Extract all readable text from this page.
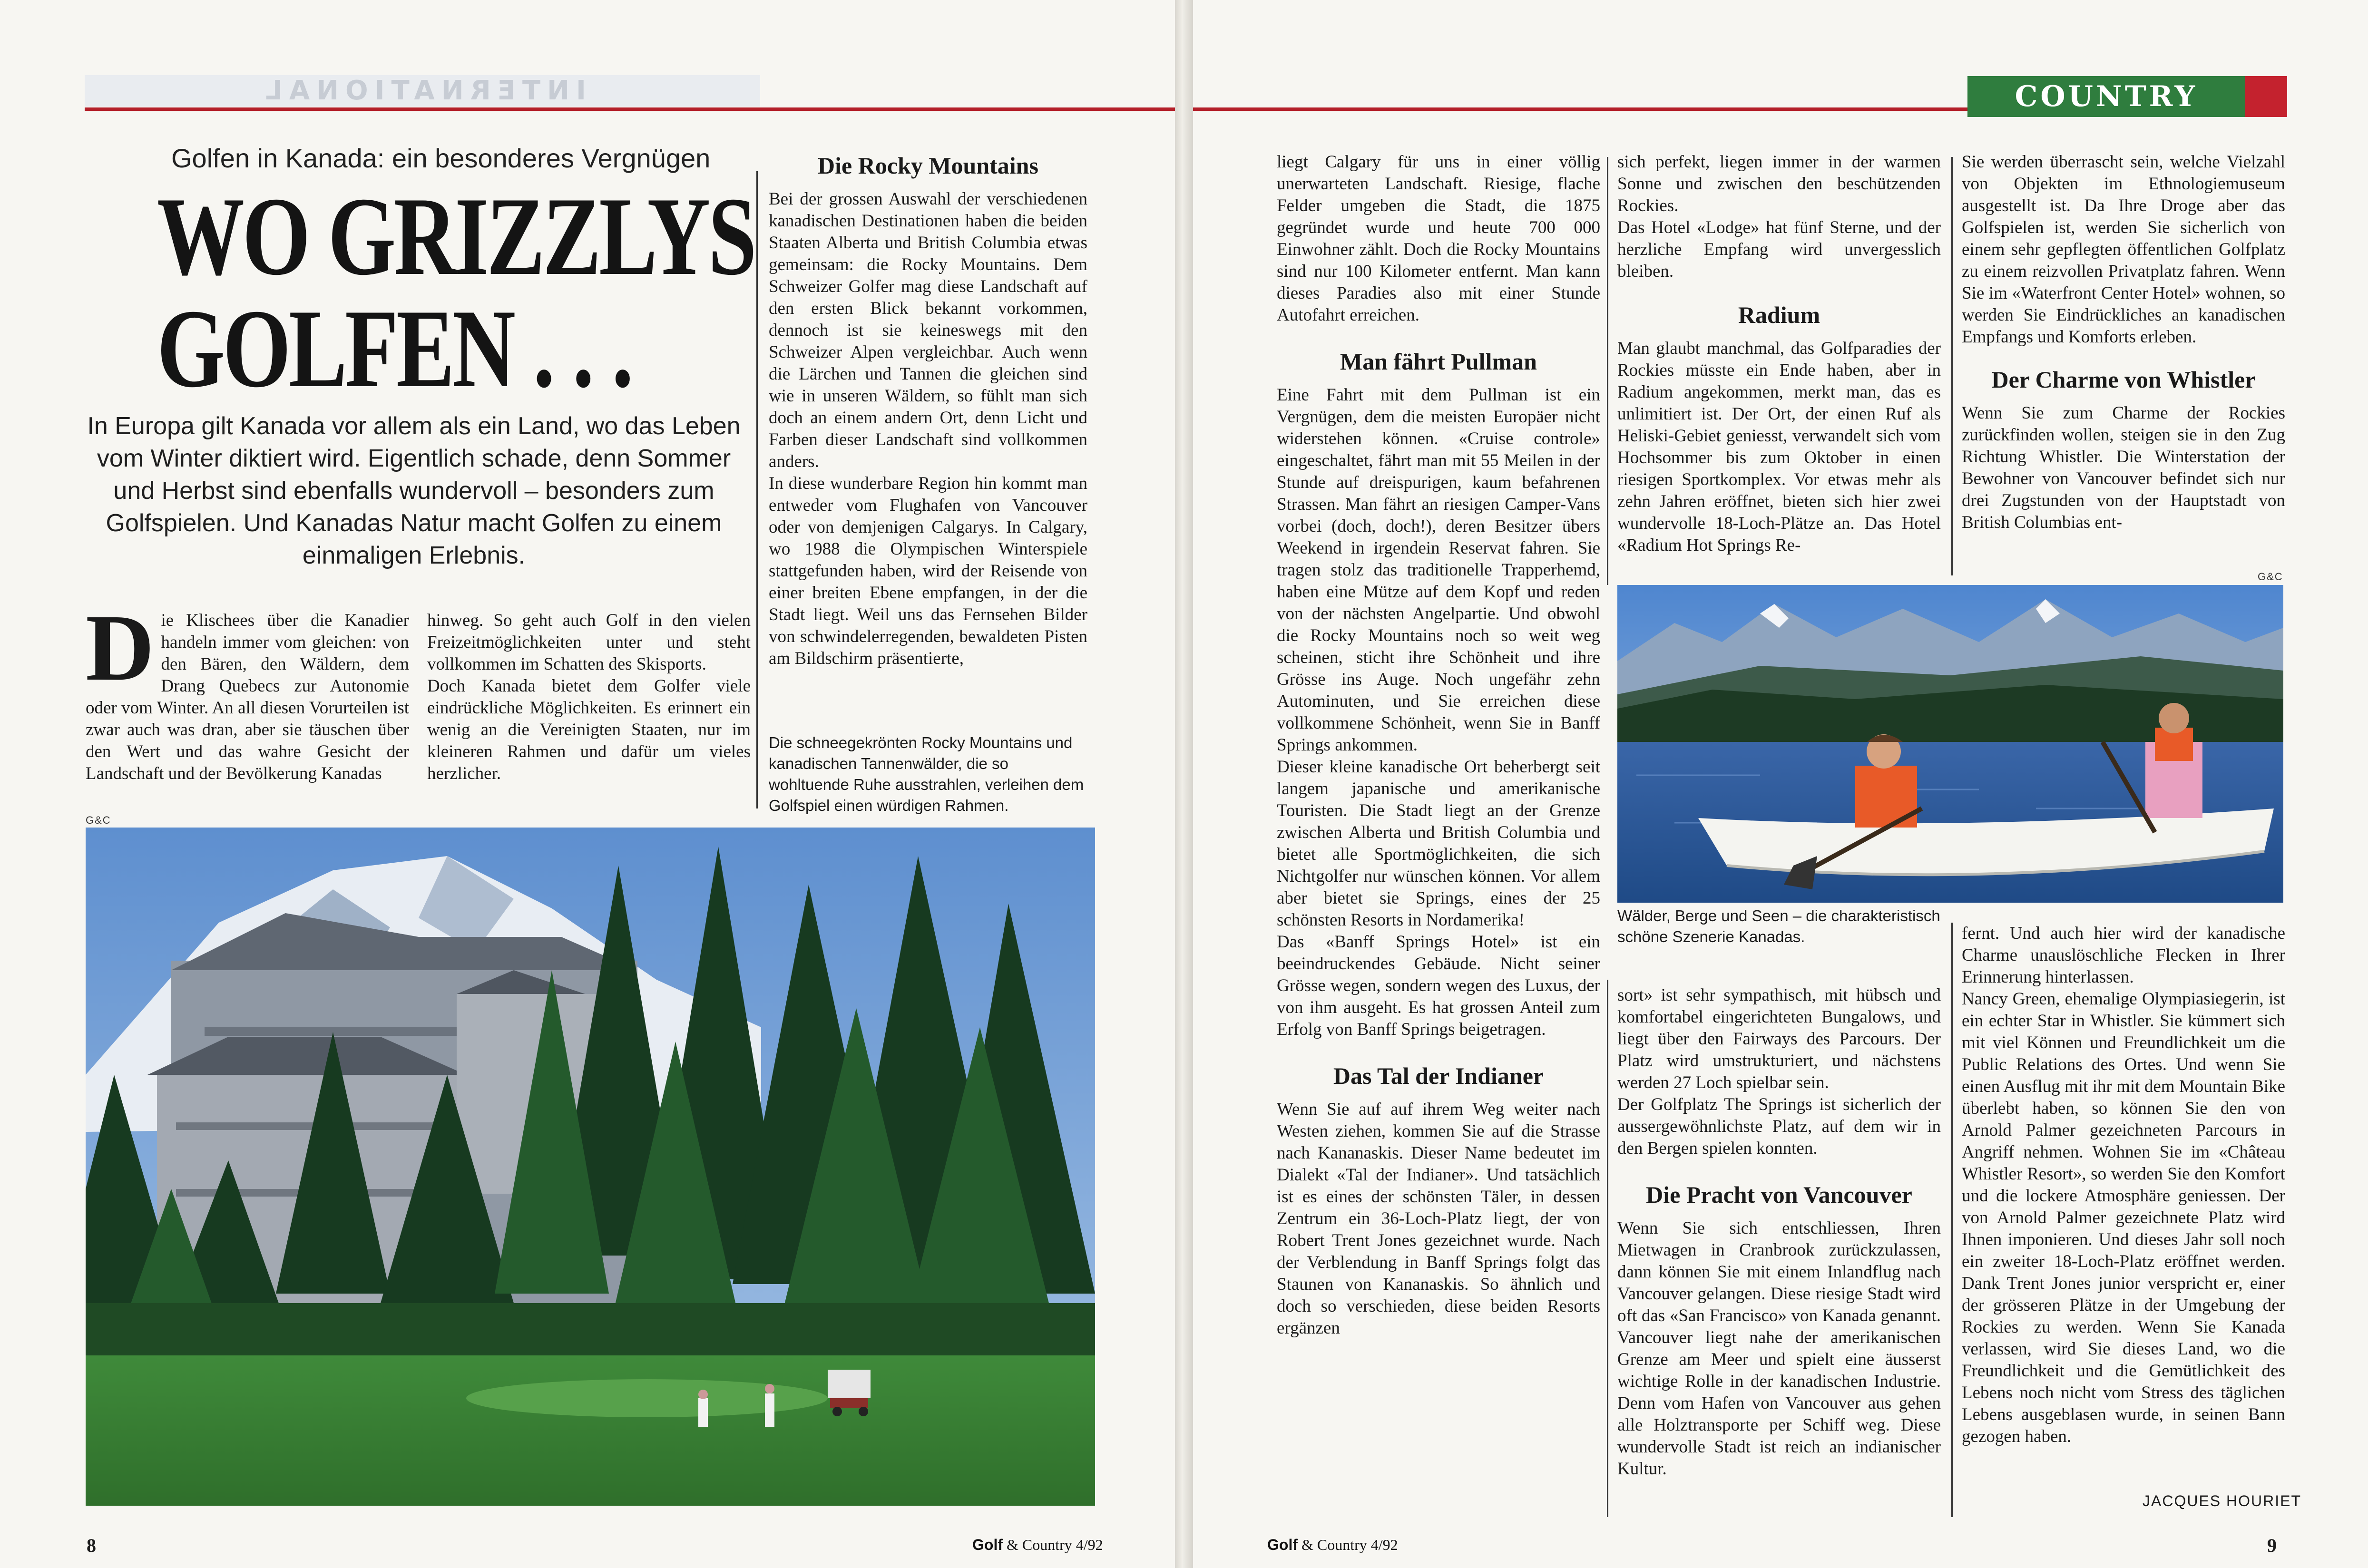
INTERNATIONAL
Golfen in Kanada: ein besonderes Vergnügen
WO GRIZZLYS
GOLFEN . . .
In Europa gilt Kanada vor allem als ein Land, wo das Leben vom Winter diktiert wird. Eigentlich schade, denn Sommer und Herbst sind ebenfalls wundervoll – besonders zum Golfspielen. Und Kanadas Natur macht Golfen zu einem einmaligen Erlebnis.
D ie Klischees über die Kanadier handeln immer vom gleichen: von den Bären, den Wäldern, dem Drang Quebecs zur Autonomie oder vom Winter. An all diesen Vorurteilen ist zwar auch was dran, aber sie täuschen über den Wert und das wahre Gesicht der Landschaft und der Bevölkerung Kanadas

hinweg. So geht auch Golf in den vielen Freizeitmöglichkeiten unter und steht vollkommen im Schatten des Skisports.

Doch Kanada bietet dem Golfer viele eindrückliche Möglichkeiten. Es erinnert ein wenig an die Vereinigten Staaten, nur im kleineren Rahmen und dafür um vieles herzlicher.

Die Rocky Mountains

Bei der grossen Auswahl der verschiedenen kanadischen Destinationen haben die beiden Staaten Alberta und British Columbia etwas gemeinsam: die Rocky Mountains. Dem Schweizer Golfer mag diese Landschaft auf den ersten Blick bekannt vorkommen, dennoch ist sie keineswegs mit den Schweizer Alpen vergleichbar. Auch wenn die Lärchen und Tannen die gleichen sind wie in unseren Wäldern, so fühlt man sich doch an einem andern Ort, denn Licht und Farben dieser Landschaft sind vollkommen anders.

In diese wunderbare Region hin kommt man entweder vom Flughafen von Vancouver oder von demjenigen Calgarys. In Calgary, wo 1988 die Olympischen Winterspiele stattgefunden haben, wird der Reisende von einer breiten Ebene empfangen, in der die Stadt liegt. Weil uns das Fernsehen Bilder von schwindelerregenden, bewaldeten Pisten am Bildschirm präsentierte,

Die schneegekrönten Rocky Mountains und kanadischen Tannenwälder, die so wohltuende Ruhe ausstrahlen, verleihen dem Golfspiel einen würdigen Rahmen.
G&C
8	Golf & Country 4/92
COUNTRY

liegt Calgary für uns in einer völlig unerwarteten Landschaft. Riesige, flache Felder umgeben die Stadt, die 1875 gegründet wurde und heute 700 000 Einwohner zählt. Doch die Rocky Mountains sind nur 100 Kilometer entfernt. Man kann dieses Paradies also mit einer Stunde Autofahrt erreichen.

Man fährt Pullman

Eine Fahrt mit dem Pullman ist ein Vergnügen, dem die meisten Europäer nicht widerstehen können. «Cruise controle» eingeschaltet, fährt man mit 55 Meilen in der Stunde auf dreispurigen, kaum befahrenen Strassen. Man fährt an riesigen Camper-Vans vorbei (doch, doch!), deren Besitzer übers Weekend in irgendein Reservat fahren. Sie tragen stolz das traditionelle Trapperhemd, haben eine Mütze auf dem Kopf und reden von der nächsten Angelpartie. Und obwohl die Rocky Mountains noch so weit weg scheinen, sticht ihre Schönheit und ihre Grösse ins Auge. Noch ungefähr zehn Autominuten, und Sie erreichen diese vollkommene Schönheit, wenn Sie in Banff Springs ankommen.

Dieser kleine kanadische Ort beherbergt seit langem japanische und amerikanische Touristen. Die Stadt liegt an der Grenze zwischen Alberta und British Columbia und bietet alle Sportmöglichkeiten, die sich Nichtgolfer nur wünschen können. Vor allem aber bietet sie Springs, eines der 25 schönsten Resorts in Nordamerika!

Das «Banff Springs Hotel» ist ein beeindruckendes Gebäude. Nicht seiner Grösse wegen, sondern wegen des Luxus, der von ihm ausgeht. Es hat grossen Anteil zum Erfolg von Banff Springs beigetragen.

Das Tal der Indianer

Wenn Sie auf auf ihrem Weg weiter nach Westen ziehen, kommen Sie auf die Strasse nach Kananaskis. Dieser Name bedeutet im Dialekt «Tal der Indianer». Und tatsächlich ist es eines der schönsten Täler, in dessen Zentrum ein 36-Loch-Platz liegt, der von Robert Trent Jones gezeichnet wurde. Nach der Verblendung in Banff Springs folgt das Staunen von Kananaskis. So ähnlich und doch so verschieden, diese beiden Resorts ergänzen

sich perfekt, liegen immer in der warmen Sonne und zwischen den beschützenden Rockies.

Das Hotel «Lodge» hat fünf Sterne, und der herzliche Empfang wird unvergesslich bleiben.

Radium

Man glaubt manchmal, das Golfparadies der Rockies müsste ein Ende haben, aber in Radium angekommen, merkt man, das es unlimitiert ist. Der Ort, der einen Ruf als Heliski-Gebiet geniesst, verwandelt sich vom Hochsommer bis zum Oktober in einen riesigen Sportkomplex. Vor etwas mehr als zehn Jahren eröffnet, bieten sich hier zwei wundervolle 18-Loch-Plätze an. Das Hotel «Radium Hot Springs Re-

Sie werden überrascht sein, welche Vielzahl von Objekten im Ethnologiemuseum ausgestellt ist. Da Ihre Droge aber das Golfspielen ist, werden Sie sicherlich von einem sehr gepflegten öffentlichen Golfplatz zu einem reizvollen Privatplatz fahren. Wenn Sie im «Waterfront Center Hotel» wohnen, so werden Sie Eindrückliches an kanadischen Empfangs und Komforts erleben.

Der Charme von Whistler

Wenn Sie zum Charme der Rockies zurückfinden wollen, steigen sie in den Zug Richtung Whistler. Die Winterstation der Bewohner von Vancouver befindet sich nur drei Zugstunden von der Hauptstadt von British Columbias ent-

G&C
Wälder, Berge und Seen – die charakteristisch schöne Szenerie Kanadas.

sort» ist sehr sympathisch, mit hübsch und komfortabel eingerichteten Bungalows, und liegt über den Fairways des Parcours. Der Platz wird umstrukturiert, und nächstens werden 27 Loch spielbar sein.

Der Golfplatz The Springs ist sicherlich der aussergewöhnlichste Platz, auf dem wir in den Bergen spielen konnten.

Die Pracht von Vancouver

Wenn Sie sich entschliessen, Ihren Mietwagen in Cranbrook zurückzulassen, dann können Sie mit einem Inlandflug nach Vancouver gelangen. Diese riesige Stadt wird oft das «San Francisco» von Kanada genannt. Vancouver liegt nahe der amerikanischen Grenze am Meer und spielt eine äusserst wichtige Rolle in der kanadischen Industrie. Denn vom Hafen von Vancouver aus gehen alle Holztransporte per Schiff weg. Diese wundervolle Stadt ist reich an indianischer Kultur.

fernt. Und auch hier wird der kanadische Charme unauslöschliche Flecken in Ihrer Erinnerung hinterlassen.

Nancy Green, ehemalige Olympiasiegerin, ist ein echter Star in Whistler. Sie kümmert sich mit viel Können und Freundlichkeit um die Public Relations des Ortes. Und wenn Sie einen Ausflug mit ihr mit dem Mountain Bike überlebt haben, so können Sie den von Arnold Palmer gezeichneten Parcours in Angriff nehmen. Wohnen Sie im «Château Whistler Resort», so werden Sie den Komfort und die lockere Atmosphäre geniessen. Der von Arnold Palmer gezeichnete Platz wird Ihnen imponieren. Und dieses Jahr soll noch ein zweiter 18-Loch-Platz eröffnet werden. Dank Trent Jones junior verspricht er, einer der grösseren Plätze in der Umgebung der Rockies zu werden. Wenn Sie Kanada verlassen, wird Sie dieses Land, wo die Freundlichkeit und die Gemütlichkeit des Lebens noch nicht vom Stress des täglichen Lebens ausgeblasen wurde, in seinen Bann gezogen haben.

JACQUES HOURIET
Golf & Country 4/92	9
